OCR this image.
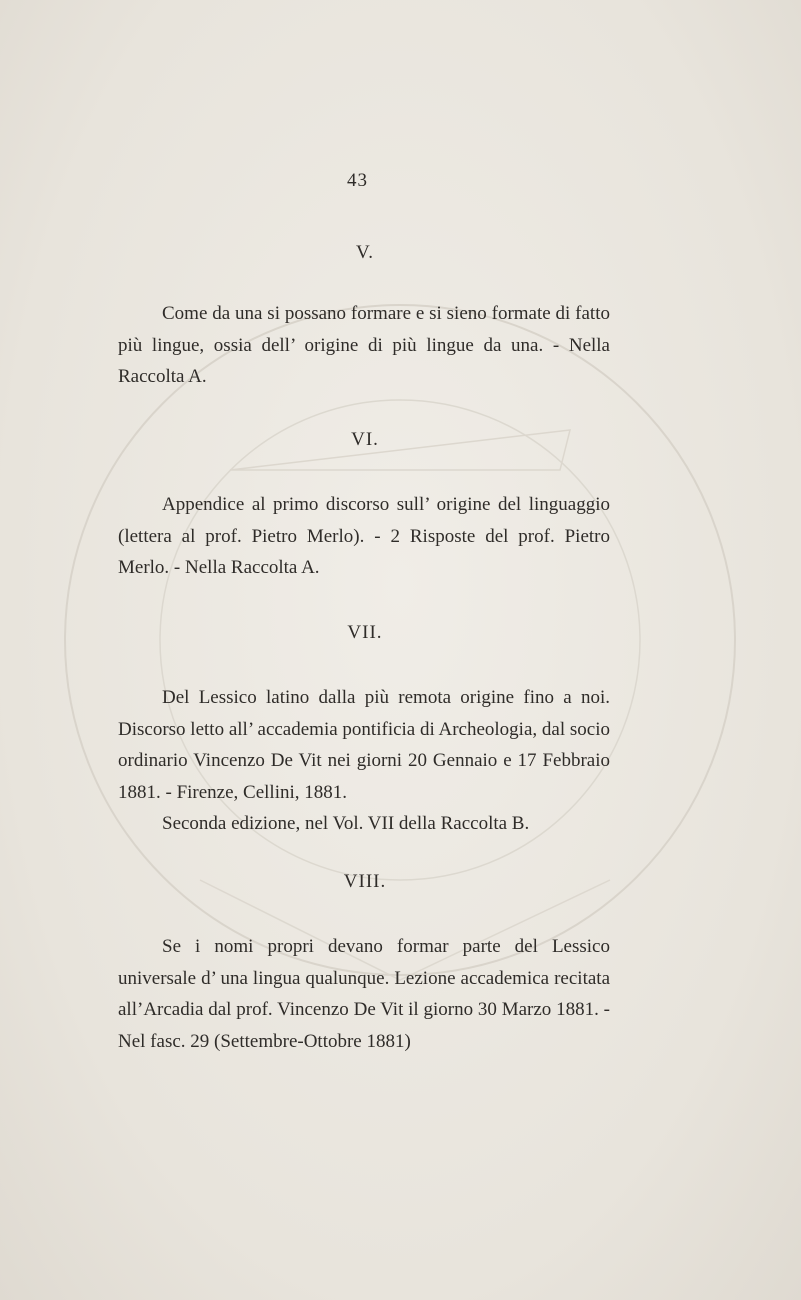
43
V.

Come da una si possano formare e si sieno formate di fatto più lingue, ossia dell’ origine di più lingue da una. - Nella Raccolta A.

VI.

Appendice al primo discorso sull’ origine del linguaggio (lettera al prof. Pietro Merlo). - 2 Risposte del prof. Pietro Merlo. - Nella Raccolta A.

VII.

Del Lessico latino dalla più remota origine fino a noi. Discorso letto all’ accademia pontificia di Archeologia, dal socio ordinario Vincenzo De Vit nei giorni 20 Gennaio e 17 Febbraio 1881. - Firenze, Cellini, 1881.

Seconda edizione, nel Vol. VII della Raccolta B.

VIII.

Se i nomi propri devano formar parte del Lessico universale d’ una lingua qualunque. Lezione accademica recitata all’Arcadia dal prof. Vincenzo De Vit il giorno 30 Marzo 1881. - Nel fasc. 29 (Settembre-Ottobre 1881)
